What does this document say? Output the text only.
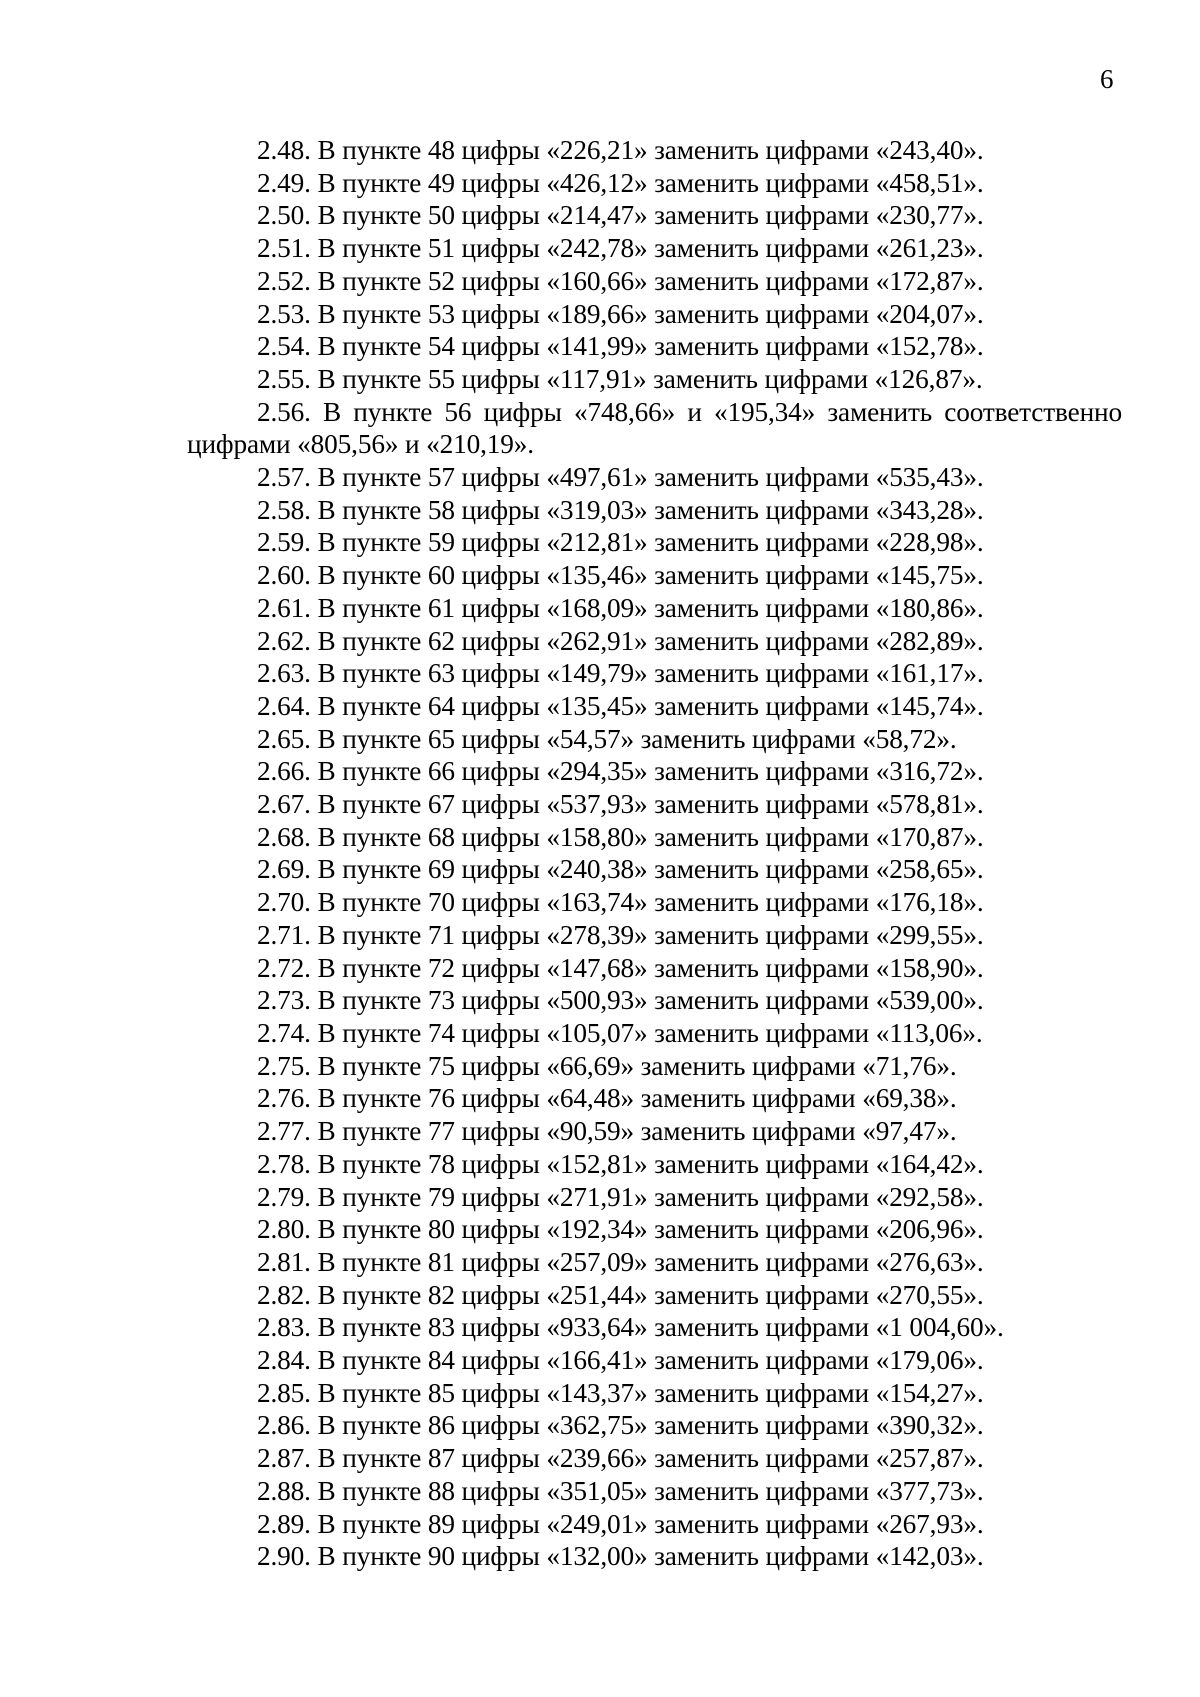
6

2.48. В пункте 48 цифры «226,21» заменить цифрами «243,40».

2.49. В пункте 49 цифры «426,12» заменить цифрами «458,51».

2.50. В пункте 50 цифры «214,47» заменить цифрами «230,77».

2.51. В пункте 51 цифры «242,78» заменить цифрами «261,23».

2.52. В пункте 52 цифры «160,66» заменить цифрами «172,87».

2.53. В пункте 53 цифры «189,66» заменить цифрами «204,07».

2.54. В пункте 54 цифры «141,99» заменить цифрами «152,78».

2.55. В пункте 55 цифры «117,91» заменить цифрами «126,87».

2.56. В пункте 56 цифры «748,66» и «195,34» заменить соответственно цифрами «805,56» и «210,19».

2.57. В пункте 57 цифры «497,61» заменить цифрами «535,43».

2.58. В пункте 58 цифры «319,03» заменить цифрами «343,28».

2.59. В пункте 59 цифры «212,81» заменить цифрами «228,98».

2.60. В пункте 60 цифры «135,46» заменить цифрами «145,75».

2.61. В пункте 61 цифры «168,09» заменить цифрами «180,86».

2.62. В пункте 62 цифры «262,91» заменить цифрами «282,89».

2.63. В пункте 63 цифры «149,79» заменить цифрами «161,17».

2.64. В пункте 64 цифры «135,45» заменить цифрами «145,74».

2.65. В пункте 65 цифры «54,57» заменить цифрами «58,72».

2.66. В пункте 66 цифры «294,35» заменить цифрами «316,72».

2.67. В пункте 67 цифры «537,93» заменить цифрами «578,81».

2.68. В пункте 68 цифры «158,80» заменить цифрами «170,87».

2.69. В пункте 69 цифры «240,38» заменить цифрами «258,65».

2.70. В пункте 70 цифры «163,74» заменить цифрами «176,18».

2.71. В пункте 71 цифры «278,39» заменить цифрами «299,55».

2.72. В пункте 72 цифры «147,68» заменить цифрами «158,90».

2.73. В пункте 73 цифры «500,93» заменить цифрами «539,00».

2.74. В пункте 74 цифры «105,07» заменить цифрами «113,06».

2.75. В пункте 75 цифры «66,69» заменить цифрами «71,76».

2.76. В пункте 76 цифры «64,48» заменить цифрами «69,38».

2.77. В пункте 77 цифры «90,59» заменить цифрами «97,47».

2.78. В пункте 78 цифры «152,81» заменить цифрами «164,42».

2.79. В пункте 79 цифры «271,91» заменить цифрами «292,58».

2.80. В пункте 80 цифры «192,34» заменить цифрами «206,96».

2.81. В пункте 81 цифры «257,09» заменить цифрами «276,63».

2.82. В пункте 82 цифры «251,44» заменить цифрами «270,55».

2.83. В пункте 83 цифры «933,64» заменить цифрами «1 004,60».

2.84. В пункте 84 цифры «166,41» заменить цифрами «179,06».

2.85. В пункте 85 цифры «143,37» заменить цифрами «154,27».

2.86. В пункте 86 цифры «362,75» заменить цифрами «390,32».

2.87. В пункте 87 цифры «239,66» заменить цифрами «257,87».

2.88. В пункте 88 цифры «351,05» заменить цифрами «377,73».

2.89. В пункте 89 цифры «249,01» заменить цифрами «267,93».

2.90. В пункте 90 цифры «132,00» заменить цифрами «142,03».
